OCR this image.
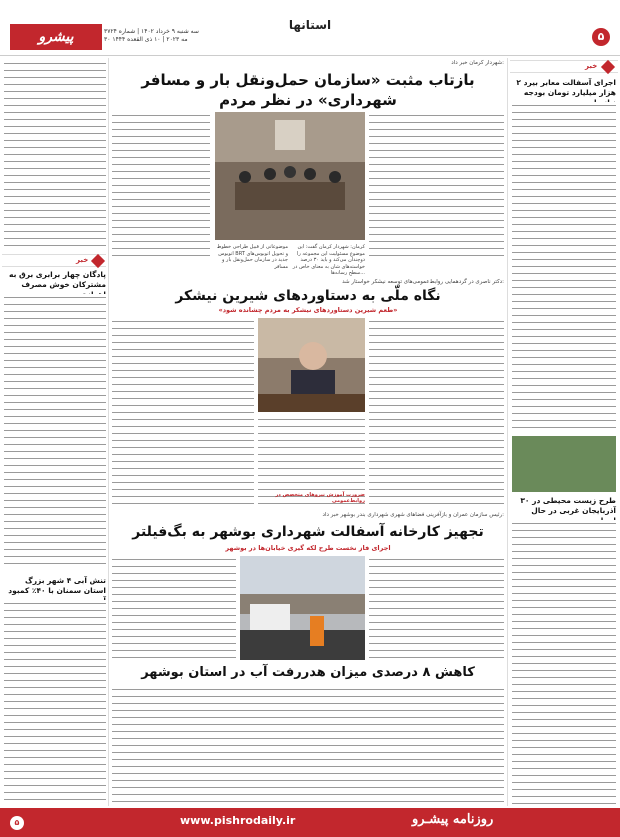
۵
استانها
پیشرو	سه شنبه ۹ خرداد ۱۴۰۲ | شماره ۳۷۲۴
۳۰ مه ۲۰۲۳ | ۱۰ ذی القعده ۱۴۴۴
خبر
اجرای آسفالت معابر بیرد ۲ هزار میلیارد تومان بودجه
۳۰ طرح زیست محیطی در آذربایجان غربی در حال
خبر
پادگان چهار برابری برق به مشترکان خوش مصرف
تنش آبی ۴ شهر بزرگ استان سمنان با ۴۰٪ کمبود
شهردار کرمان خبر داد:
بازتاب مثبت «سازمان حمل‌ونقل بار و مسافر شهرداری» در نظر مردم
موضوعاتی از قبیل طراحی خطوط اتوبوس BRT و تحویل اتوبوس‌های جدید در سازمان حمل‌ونقل بار و مسافر
کرمان: شهردار کرمان گفت: این موضوع مسئولیت این مجموعه را دوچندان می‌کند و باید ۳۰ درصد خواسته‌های شان به معنای خاص در سطح رسانه‌ها...
دکتر ناصری در گردهمایی روابط‌عمومی‌های توسعه نیشکر خواستار شد:
نگاه ملّی به دستاوردهای شیرین نیشکر
«طعم شیرین دستاوردهای نیشکر به مردم چشانده شود»
ضرورت آموزش نیروهای متخصص در روابط‌عمومی
رئیس سازمان عمران و بازآفرینی فضاهای شهری شهرداری بندر بوشهر خبر داد:
تجهیز کارخانه آسفالت شهرداری بوشهر به بگ‌فیلتر
اجرای فاز نخست طرح لکه گیری خیابان‌ها در بوشهر
کاهش ۸ درصدی میزان هدررفت آب در استان بوشهر
www.pishrodaily.ir	روزنامه پیشـرو
۵
